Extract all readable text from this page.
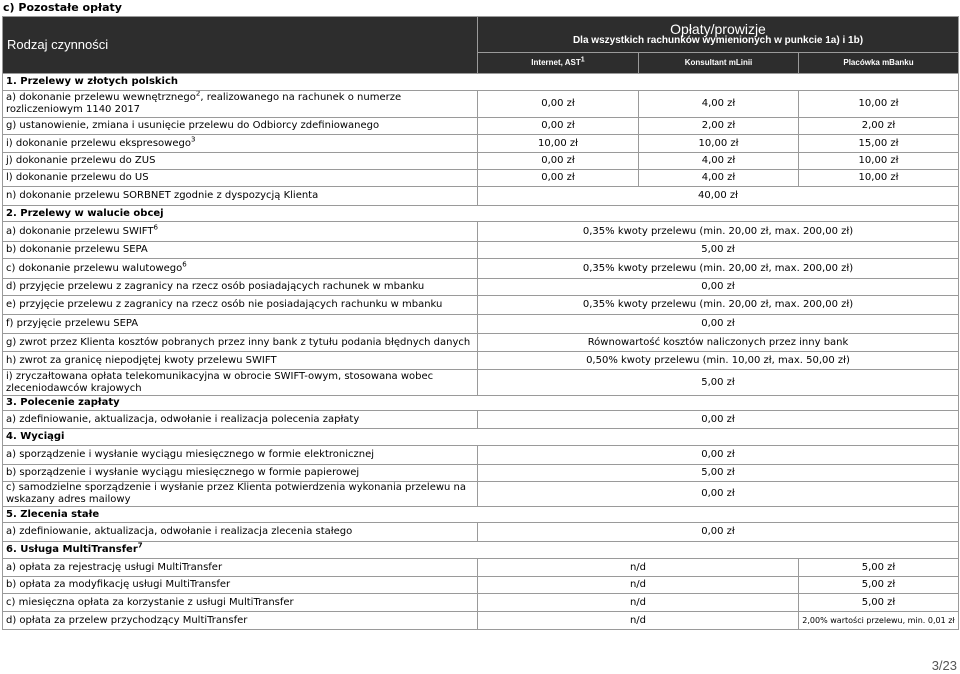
c) Pozostałe opłaty
Rodzaj czynności	Opłaty/prowizje
Dla wszystkich rachunków wymienionych w punkcie 1a) i 1b)		

	Internet, AST$^1$	Konsultant mLinii	Placówka mBanku
1. Przelewy w złotych polskich			
a) dokonanie przelewu wewnętrznego$^2$, realizowanego na rachunek o numerze rozliczeniowym 1140 2017	0,00 zł	4,00 zł	10,00 zł
g) ustanowienie, zmiana i usunięcie przelewu do Odbiorcy zdefiniowanego	0,00 zł	2,00 zł	2,00 zł
i) dokonanie przelewu ekspresowego$^3$	10,00 zł	10,00 zł	15,00 zł
j) dokonanie przelewu do ZUS	0,00 zł	4,00 zł	10,00 zł
l) dokonanie przelewu do US	0,00 zł	4,00 zł	10,00 zł
n) dokonanie przelewu SORBNET zgodnie z dyspozycją Klienta	40,00 zł		
2. Przelewy w walucie obcej			
a) dokonanie przelewu SWIFT$^6$	0,35% kwoty przelewu (min. 20,00 zł, max. 200,00 zł)		
b) dokonanie przelewu SEPA	5,00 zł		
c) dokonanie przelewu walutowego$^6$	0,35% kwoty przelewu (min. 20,00 zł, max. 200,00 zł)		
d) przyjęcie przelewu z zagranicy na rzecz osób posiadających rachunek w mbanku	0,00 zł		
e) przyjęcie przelewu z zagranicy na rzecz osób nie posiadających rachunku w mbanku	0,35% kwoty przelewu (min. 20,00 zł, max. 200,00 zł)		
f) przyjęcie przelewu SEPA	0,00 zł		
g) zwrot przez Klienta kosztów pobranych przez inny bank z tytułu podania błędnych danych	Równowartość kosztów naliczonych przez inny bank		
h) zwrot za granicę niepodjętej kwoty przelewu SWIFT	0,50% kwoty przelewu (min. 10,00 zł, max. 50,00 zł)		
i) zryczałtowana opłata telekomunikacyjna w obrocie SWIFT-owym, stosowana wobec zleceniodawców krajowych	5,00 zł		
3. Polecenie zapłaty			
a) zdefiniowanie, aktualizacja, odwołanie i realizacja polecenia zapłaty	0,00 zł		
4. Wyciągi			
a) sporządzenie i wysłanie wyciągu miesięcznego w formie elektronicznej	0,00 zł		
b) sporządzenie i wysłanie wyciągu miesięcznego w formie papierowej	5,00 zł		
c) samodzielne sporządzenie i wysłanie przez Klienta potwierdzenia wykonania przelewu na wskazany adres mailowy	0,00 zł		
5. Zlecenia stałe			
a) zdefiniowanie, aktualizacja, odwołanie i realizacja zlecenia stałego	0,00 zł		
6. Usługa MultiTransfer$^7$
a) opłata za rejestrację usługi MultiTransfer	n/d		5,00 zł
b) opłata za modyfikację usługi MultiTransfer	n/d		5,00 zł
c) miesięczna opłata za korzystanie z usługi MultiTransfer	n/d		5,00 zł
d) opłata za przelew przychodzący MultiTransfer	n/d		2,00% wartości przelewu, min. 0,01 zł
3/23
